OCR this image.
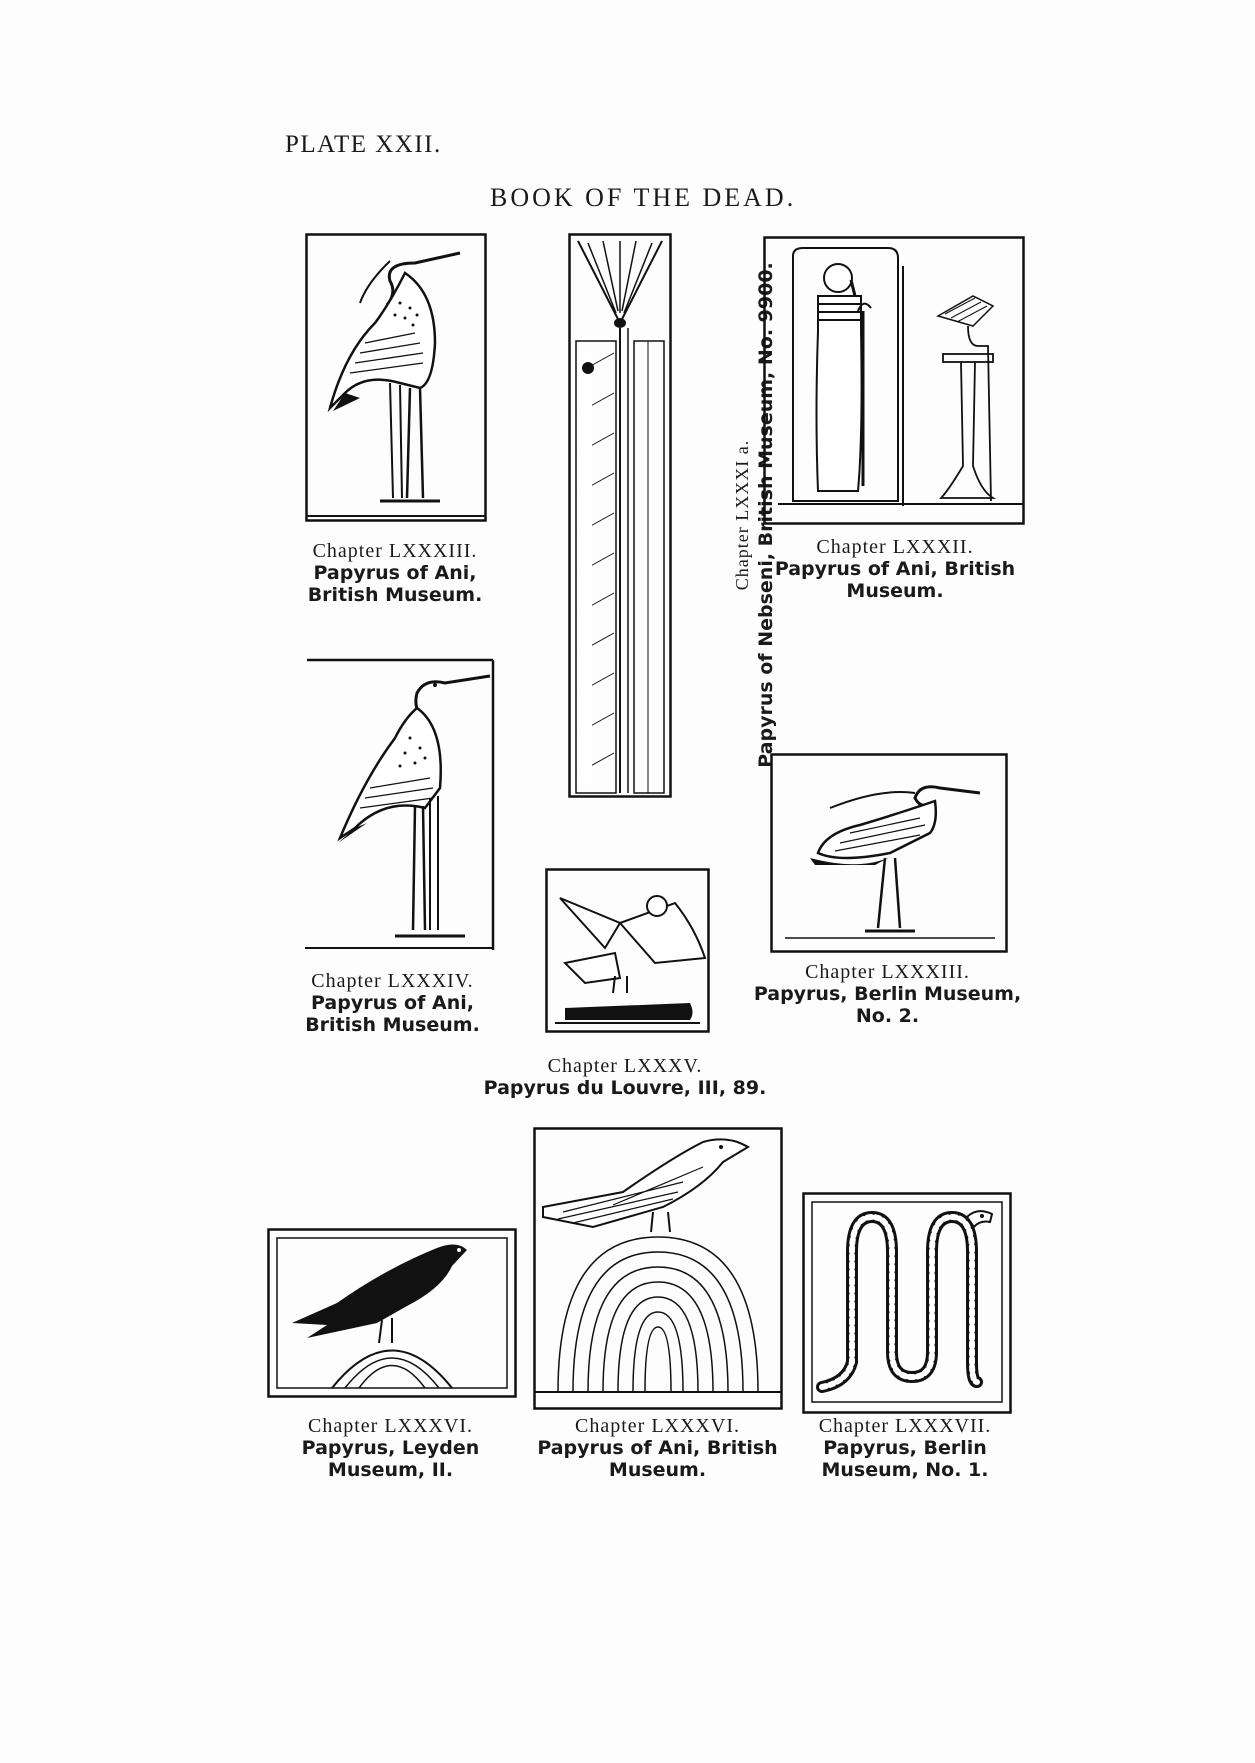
PLATE XXII.
BOOK OF THE DEAD.
Chapter LXXXIII.
Papyrus of Ani,
British Museum.
Chapter LXXXI a. Papyrus of Nebseni, British Museum, No. 9900.	Chapter LXXXII.
Papyrus of Ani, British
Museum.
Chapter LXXXIV.
Papyrus of Ani,
British Museum.
Chapter LXXXV.
Papyrus du Louvre, III, 89.
Chapter LXXXIII.
Papyrus, Berlin Museum,
No. 2.
Chapter LXXXVI.
Papyrus, Leyden
Museum, II.
Chapter LXXXVI.
Papyrus of Ani, British
Museum.
Chapter LXXXVII.
Papyrus, Berlin
Museum, No. 1.
